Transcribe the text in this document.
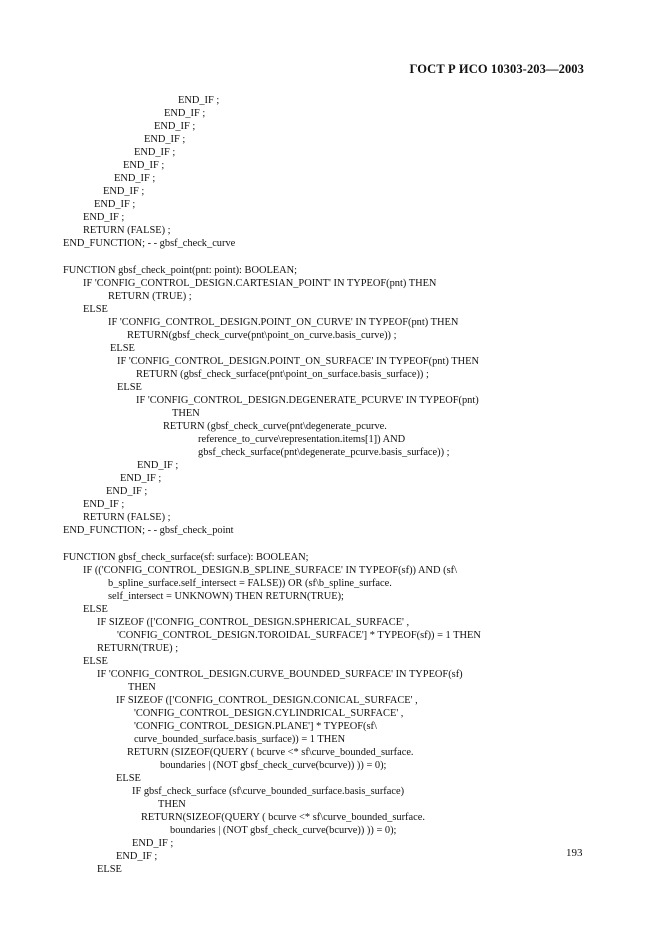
ГОСТ Р ИСО 10303-203—2003
END_IF ;
END_IF ;
END_IF ;
END_IF ;
END_IF ;
END_IF ;
END_IF ;
END_IF ;
END_IF ;
END_IF ;
RETURN (FALSE) ;
END_FUNCTION; - - gbsf_check_curve
FUNCTION gbsf_check_point(pnt: point): BOOLEAN;
IF 'CONFIG_CONTROL_DESIGN.CARTESIAN_POINT' IN TYPEOF(pnt) THEN
RETURN (TRUE) ;
ELSE
IF 'CONFIG_CONTROL_DESIGN.POINT_ON_CURVE' IN TYPEOF(pnt) THEN
RETURN(gbsf_check_curve(pnt\point_on_curve.basis_curve)) ;
ELSE
IF 'CONFIG_CONTROL_DESIGN.POINT_ON_SURFACE' IN TYPEOF(pnt) THEN
RETURN (gbsf_check_surface(pnt\point_on_surface.basis_surface)) ;
ELSE
IF 'CONFIG_CONTROL_DESIGN.DEGENERATE_PCURVE' IN TYPEOF(pnt)
THEN
RETURN (gbsf_check_curve(pnt\degenerate_pcurve.
reference_to_curve\representation.items[1]) AND
gbsf_check_surface(pnt\degenerate_pcurve.basis_surface)) ;
END_IF ;
END_IF ;
END_IF ;
END_IF ;
RETURN (FALSE) ;
END_FUNCTION; - - gbsf_check_point
FUNCTION gbsf_check_surface(sf: surface): BOOLEAN;
IF (('CONFIG_CONTROL_DESIGN.B_SPLINE_SURFACE' IN TYPEOF(sf)) AND (sf\
b_spline_surface.self_intersect = FALSE)) OR (sf\b_spline_surface.
self_intersect = UNKNOWN) THEN RETURN(TRUE);
ELSE
IF SIZEOF (['CONFIG_CONTROL_DESIGN.SPHERICAL_SURFACE' ,
'CONFIG_CONTROL_DESIGN.TOROIDAL_SURFACE'] * TYPEOF(sf)) = 1 THEN
RETURN(TRUE) ;
ELSE
IF 'CONFIG_CONTROL_DESIGN.CURVE_BOUNDED_SURFACE' IN TYPEOF(sf)
THEN
IF SIZEOF (['CONFIG_CONTROL_DESIGN.CONICAL_SURFACE' ,
'CONFIG_CONTROL_DESIGN.CYLINDRICAL_SURFACE' ,
'CONFIG_CONTROL_DESIGN.PLANE'] * TYPEOF(sf\
curve_bounded_surface.basis_surface)) = 1 THEN
RETURN (SIZEOF(QUERY ( bcurve <* sf\curve_bounded_surface.
boundaries | (NOT gbsf_check_curve(bcurve)) )) = 0);
ELSE
IF gbsf_check_surface (sf\curve_bounded_surface.basis_surface)
THEN
RETURN(SIZEOF(QUERY ( bcurve <* sf\curve_bounded_surface.
boundaries | (NOT gbsf_check_curve(bcurve)) )) = 0);
END_IF ;
END_IF ;
ELSE
193
